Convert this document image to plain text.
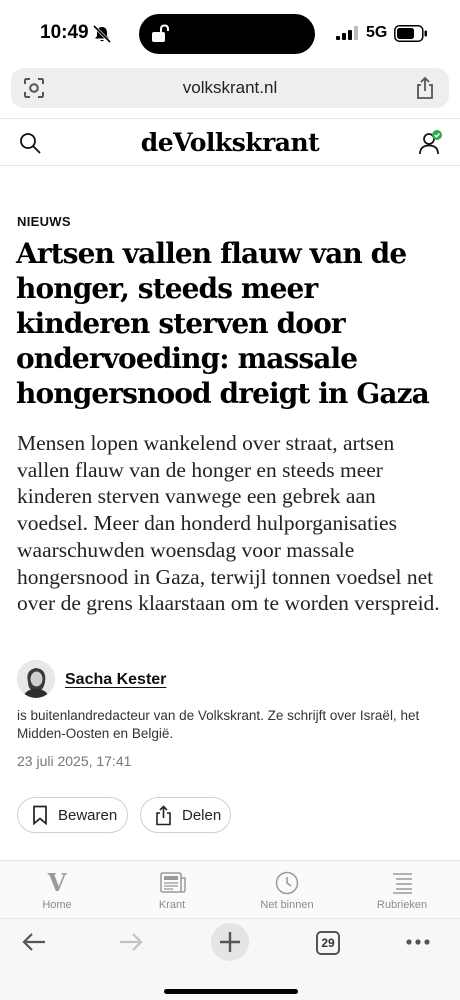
10:49	5G
volkskrant.nl
deVolkskrant
NIEUWS
Artsen vallen flauw van de honger, steeds meer kinderen sterven door ondervoeding: massale hongersnood dreigt in Gaza

Mensen lopen wankelend over straat, artsen vallen flauw van de honger en steeds meer kinderen sterven vanwege een gebrek aan voedsel. Meer dan honderd hulporganisaties waarschuwden woensdag voor massale hongersnood in Gaza, terwijl tonnen voedsel net over de grens klaarstaan om te worden verspreid.

Sacha Kester

is buitenlandredacteur van de Volkskrant. Ze schrijft over Israël, het Midden-Oosten en België.

23 juli 2025, 17:41
Bewaren	Delen
V
Home	Krant	Net binnen	Rubrieken
29
